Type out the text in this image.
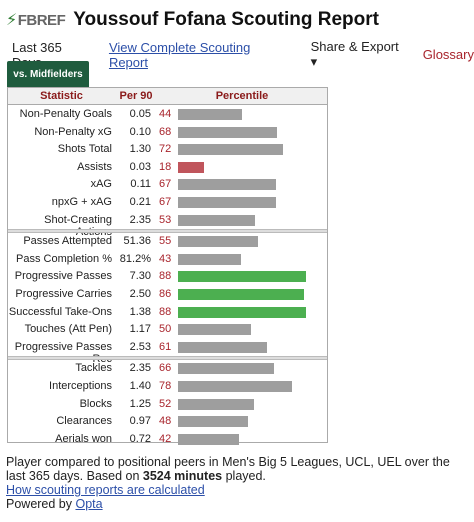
⚡ FBREF Youssouf Fofana Scouting Report
Last 365	View Complete Scouting Report
Share & Export ▾	Glossary
vs. Midfielders
Statistic	Per 90	Percentile
Non-Penalty Goals	0.05 44
Non-Penalty xG	0.10 68
Shots Total	1.30 72
Assists	0.03 18
xAG	0.11 67
npxG + xAG	0.21 67
Shot-Creating	2.35 53
Passes Attempted	51.36 55
Pass Completion % 81.2% 43
Progressive Passes	7.30 88
Progressive Carries	2.50 86
Successful Take-Ons	1.38 88
Touches (Att Pen)	1.17 50
Progressive Passes	2.53 61
Tackles	2.35 66
Interceptions	1.40 78
Blocks	1.25 52
Clearances	0.97 48
Aerials won	0.72 42
Player compared to positional peers in Men's Big 5 Leagues, UCL, UEL over the last 365 days. Based on 3524 minutes played.
How scouting reports are calculated
Powered by Opta
